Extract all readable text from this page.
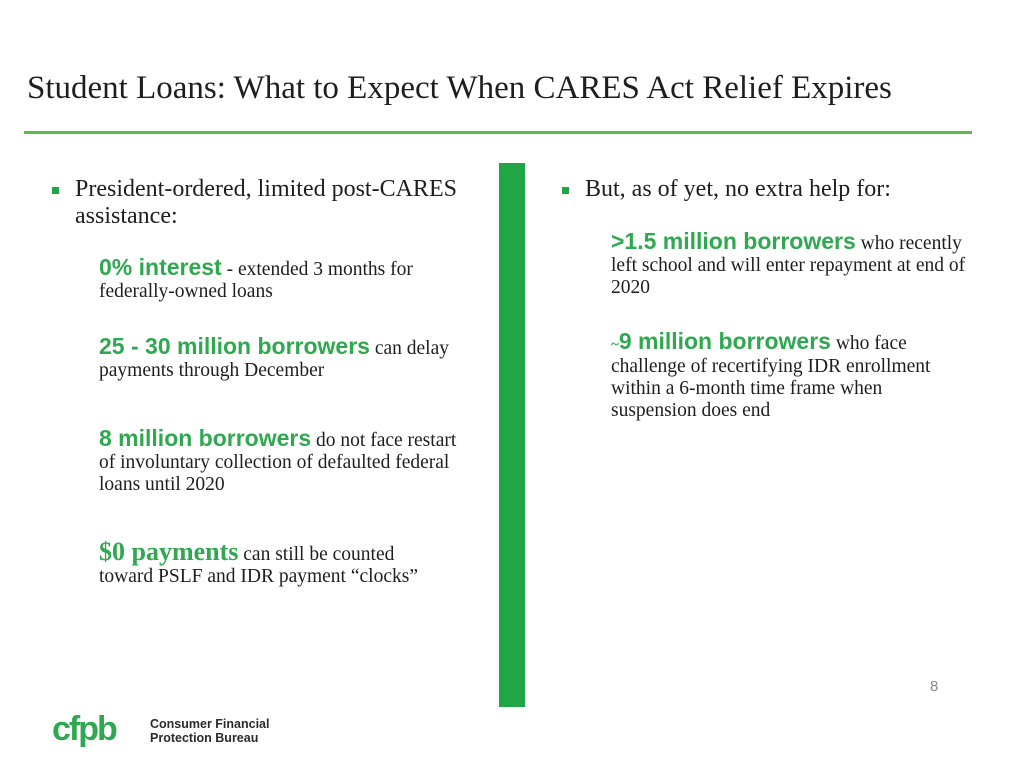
Student Loans: What to Expect When CARES Act Relief Expires
President-ordered, limited post-CARES assistance:
0% interest - extended 3 months for federally-owned loans
25 - 30 million borrowers can delay payments through December
8 million borrowers do not face restart of involuntary collection of defaulted federal loans until 2020
$0 payments can still be counted toward PSLF and IDR payment “clocks”
But, as of yet, no extra help for:
>1.5 million borrowers who recently left school and will enter repayment at end of 2020
~9 million borrowers who face challenge of recertifying IDR enrollment within a 6-month time frame when suspension does end
8
cfpb	Consumer Financial
Protection Bureau
